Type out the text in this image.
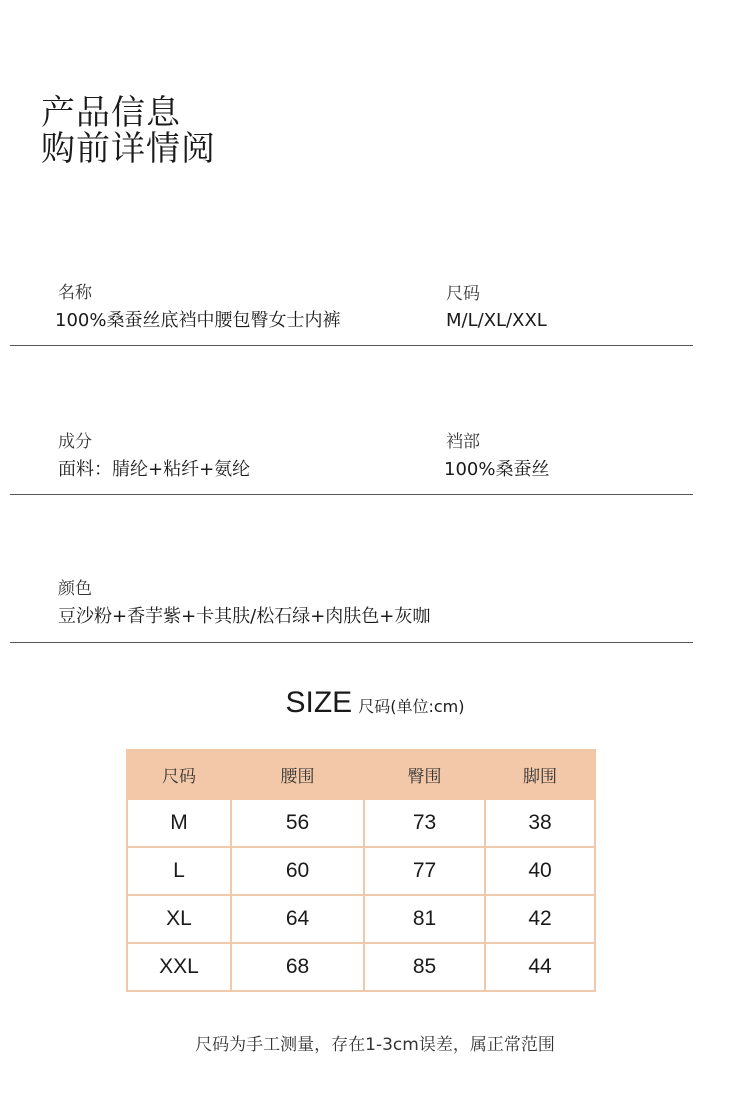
产品信息
购前详情阅
名称
100%桑蚕丝底裆中腰包臀女士内裤
尺码
M/L/XL/XXL
成分
面料：腈纶+粘纤+氨纶
裆部
100%桑蚕丝
颜色
豆沙粉+香芋紫+卡其肤/松石绿+肉肤色+灰咖
SIZE 尺码(单位:cm)
尺码	腰围	臀围	脚围
M	56	73	38
L	60	77	40
XL	64	81	42
XXL	68	85	44
尺码为手工测量，存在1-3cm误差，属正常范围
